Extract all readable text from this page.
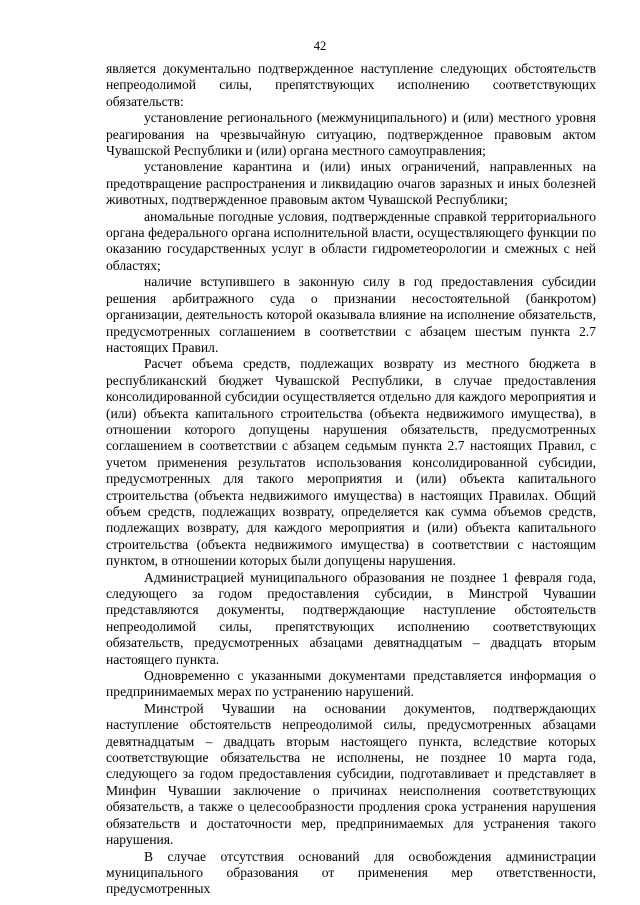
42

является документально подтвержденное наступление следующих обстоятельств непреодолимой силы, препятствующих исполнению соответствующих обязательств:

установление регионального (межмуниципального) и (или) местного уровня реагирования на чрезвычайную ситуацию, подтвержденное правовым актом Чувашской Республики и (или) органа местного самоуправления;

установление карантина и (или) иных ограничений, направленных на предотвращение распространения и ликвидацию очагов заразных и иных болезней животных, подтвержденное правовым актом Чувашской Республики;

аномальные погодные условия, подтвержденные справкой территориального органа федерального органа исполнительной власти, осуществляющего функции по оказанию государственных услуг в области гидрометеорологии и смежных с ней областях;

наличие вступившего в законную силу в год предоставления субсидии решения арбитражного суда о признании несостоятельной (банкротом) организации, деятельность которой оказывала влияние на исполнение обязательств, предусмотренных соглашением в соответствии с абзацем шестым пункта 2.7 настоящих Правил.

Расчет объема средств, подлежащих возврату из местного бюджета в республиканский бюджет Чувашской Республики, в случае предоставления консолидированной субсидии осуществляется отдельно для каждого мероприятия и (или) объекта капитального строительства (объекта недвижимого имущества), в отношении которого допущены нарушения обязательств, предусмотренных соглашением в соответствии с абзацем седьмым пункта 2.7 настоящих Правил, с учетом применения результатов использования консолидированной субсидии, предусмотренных для такого мероприятия и (или) объекта капитального строительства (объекта недвижимого имущества) в настоящих Правилах. Общий объем средств, подлежащих возврату, определяется как сумма объемов средств, подлежащих возврату, для каждого мероприятия и (или) объекта капитального строительства (объекта недвижимого имущества) в соответствии с настоящим пунктом, в отношении которых были допущены нарушения.

Администрацией муниципального образования не позднее 1 февраля года, следующего за годом предоставления субсидии, в Минстрой Чувашии представляются документы, подтверждающие наступление обстоятельств непреодолимой силы, препятствующих исполнению соответствующих обязательств, предусмотренных абзацами девятнадцатым – двадцать вторым настоящего пункта.

Одновременно с указанными документами представляется информация о предпринимаемых мерах по устранению нарушений.

Минстрой Чувашии на основании документов, подтверждающих наступление обстоятельств непреодолимой силы, предусмотренных абзацами девятнадцатым – двадцать вторым настоящего пункта, вследствие которых соответствующие обязательства не исполнены, не позднее 10 марта года, следующего за годом предоставления субсидии, подготавливает и представляет в Минфин Чувашии заключение о причинах неисполнения соответствующих обязательств, а также о целесообразности продления срока устранения нарушения обязательств и достаточности мер, предпринимаемых для устранения такого нарушения.

В случае отсутствия оснований для освобождения администрации муниципального образования от применения мер ответственности, предусмотренных
